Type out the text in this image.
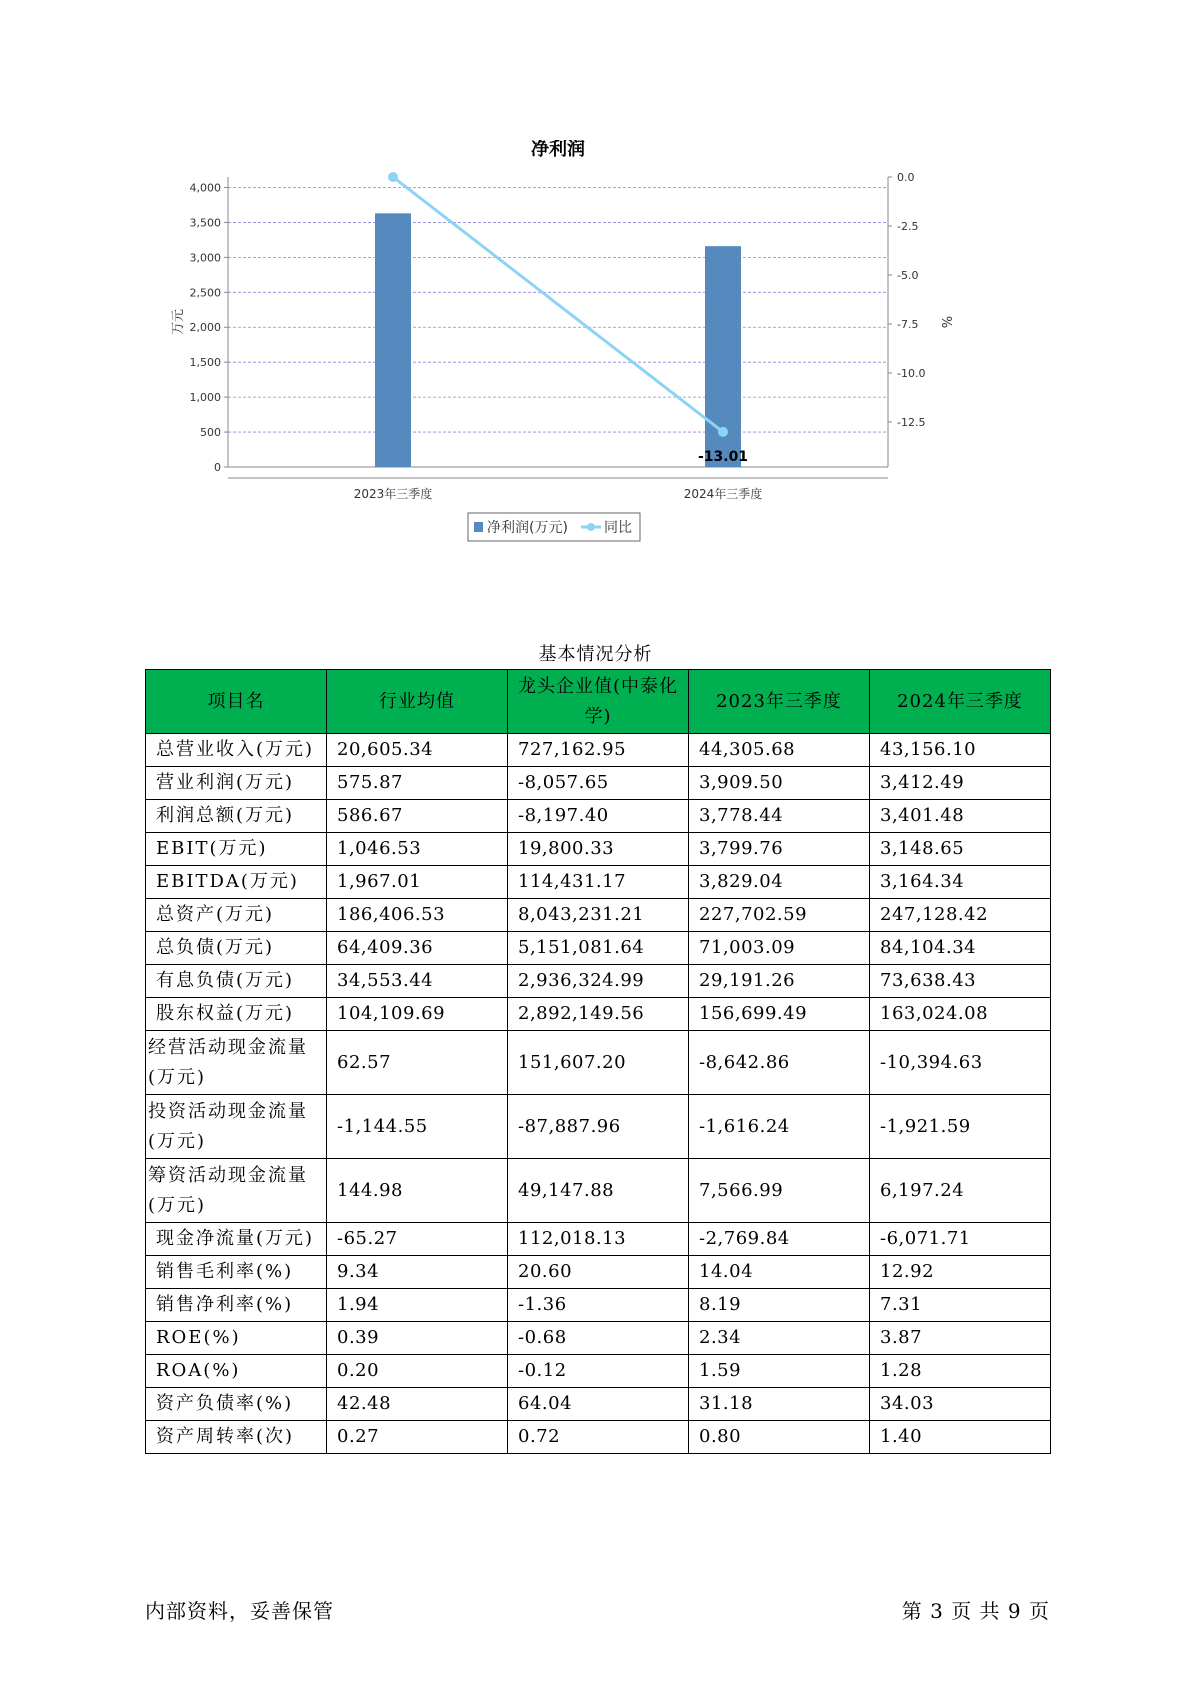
净利润
0
500
1,000
1,500
2,000
2,500
3,000
3,500
4,000
0.0
-2.5
-5.0
-7.5
-10.0
-12.5
万元	%
-13.01
2023年三季度	2024年三季度
净利润(万元)	同比
基本情况分析
项目名	行业均值	龙头企业值(中泰化学)	2023年三季度	2024年三季度
总营业收入(万元)	20,605.34	727,162.95	44,305.68	43,156.10
营业利润(万元)	575.87	-8,057.65	3,909.50	3,412.49
利润总额(万元)	586.67	-8,197.40	3,778.44	3,401.48
EBIT(万元)	1,046.53	19,800.33	3,799.76	3,148.65
EBITDA(万元)	1,967.01	114,431.17	3,829.04	3,164.34
总资产(万元)	186,406.53	8,043,231.21	227,702.59	247,128.42
总负债(万元)	64,409.36	5,151,081.64	71,003.09	84,104.34
有息负债(万元)	34,553.44	2,936,324.99	29,191.26	73,638.43
股东权益(万元)	104,109.69	2,892,149.56	156,699.49	163,024.08
经营活动现金流量(万元)	62.57	151,607.20	-8,642.86	-10,394.63
投资活动现金流量(万元)	-1,144.55	-87,887.96	-1,616.24	-1,921.59
筹资活动现金流量(万元)	144.98	49,147.88	7,566.99	6,197.24
现金净流量(万元)	-65.27	112,018.13	-2,769.84	-6,071.71
销售毛利率(%)	9.34	20.60	14.04	12.92
销售净利率(%)	1.94	-1.36	8.19	7.31
ROE(%)	0.39	-0.68	2.34	3.87
ROA(%)	0.20	-0.12	1.59	1.28
资产负债率(%)	42.48	64.04	31.18	34.03
资产周转率(次)	0.27	0.72	0.80	1.40
内部资料，妥善保管	第 3 页 共 9 页
